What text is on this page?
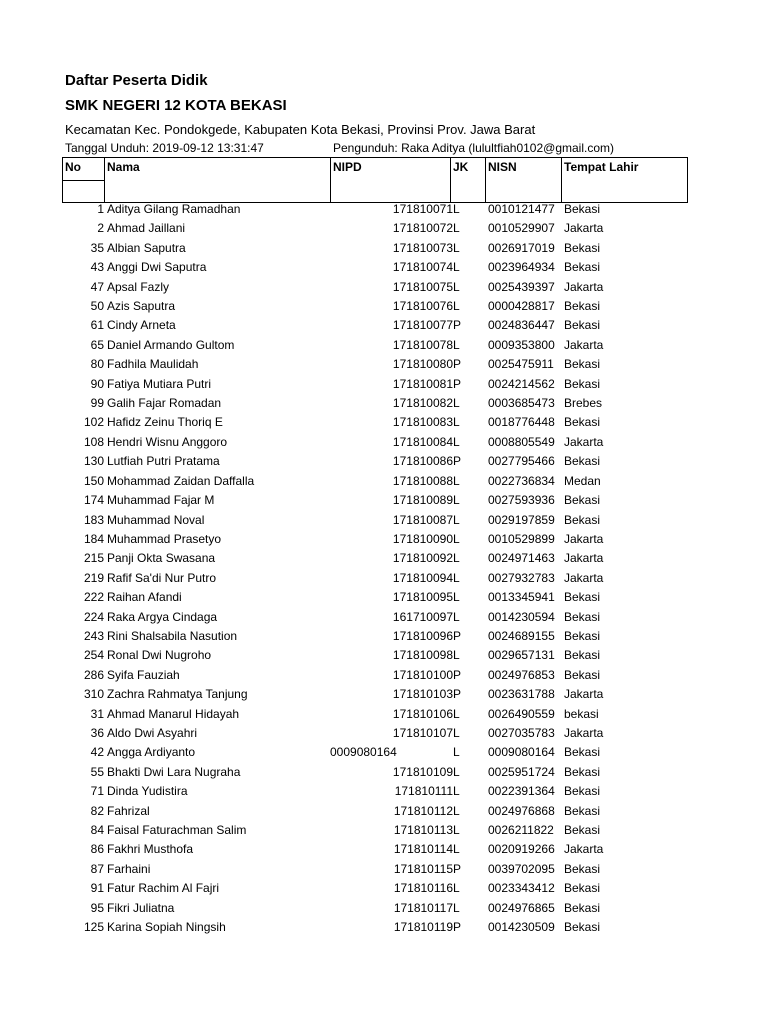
Daftar Peserta Didik
SMK NEGERI 12 KOTA BEKASI
Kecamatan Kec. Pondokgede, Kabupaten Kota Bekasi, Provinsi Prov. Jawa Barat
Tanggal Unduh: 2019-09-12 13:31:47	Pengunduh: Raka Aditya (lulultfiah0102@gmail.com)
No	Nama	NIPD	JK	NISN	Tempat Lahir

1 Aditya Gilang Ramadhan	171810071 L	0010121477 Bekasi
2 Ahmad Jaillani	171810072 L	0010529907 Jakarta
35 Albian Saputra	171810073 L	0026917019 Bekasi
43 Anggi Dwi Saputra	171810074 L	0023964934 Bekasi
47 Apsal Fazly	171810075 L	0025439397 Jakarta
50 Azis Saputra	171810076 L	0000428817 Bekasi
61 Cindy Arneta	171810077 P	0024836447 Bekasi
65 Daniel Armando Gultom	171810078 L	0009353800 Jakarta
80 Fadhila Maulidah	171810080 P	0025475911 Bekasi
90 Fatiya Mutiara Putri	171810081 P	0024214562 Bekasi
99 Galih Fajar Romadan	171810082 L	0003685473 Brebes
102 Hafidz Zeinu Thoriq E	171810083 L	0018776448 Bekasi
108 Hendri Wisnu Anggoro	171810084 L	0008805549 Jakarta
130 Lutfiah Putri Pratama	171810086 P	0027795466 Bekasi
150 Mohammad Zaidan Daffalla	171810088 L	0022736834 Medan
174 Muhammad Fajar M	171810089 L	0027593936 Bekasi
183 Muhammad Noval	171810087 L	0029197859 Bekasi
184 Muhammad Prasetyo	171810090 L	0010529899 Jakarta
215 Panji Okta Swasana	171810092 L	0024971463 Jakarta
219 Rafif Sa'di Nur Putro	171810094 L	0027932783 Jakarta
222 Raihan Afandi	171810095 L	0013345941 Bekasi
224 Raka Argya Cindaga	161710097 L	0014230594 Bekasi
243 Rini Shalsabila Nasution	171810096 P	0024689155 Bekasi
254 Ronal Dwi Nugroho	171810098 L	0029657131 Bekasi
286 Syifa Fauziah	171810100 P	0024976853 Bekasi
310 Zachra Rahmatya Tanjung	171810103 P	0023631788 Jakarta
31 Ahmad Manarul Hidayah	171810106 L	0026490559 bekasi
36 Aldo Dwi Asyahri	171810107 L	0027035783 Jakarta
42 Angga Ardiyanto	0009080164	L	0009080164 Bekasi
55 Bhakti Dwi Lara Nugraha	171810109 L	0025951724 Bekasi
71 Dinda Yudistira	171810111 L	0022391364 Bekasi
82 Fahrizal	171810112 L	0024976868 Bekasi
84 Faisal Faturachman Salim	171810113 L	0026211822 Bekasi
86 Fakhri Musthofa	171810114 L	0020919266 Jakarta
87 Farhaini	171810115 P	0039702095 Bekasi
91 Fatur Rachim Al Fajri	171810116 L	0023343412 Bekasi
95 Fikri Juliatna	171810117 L	0024976865 Bekasi
125 Karina Sopiah Ningsih	171810119 P	0014230509 Bekasi
